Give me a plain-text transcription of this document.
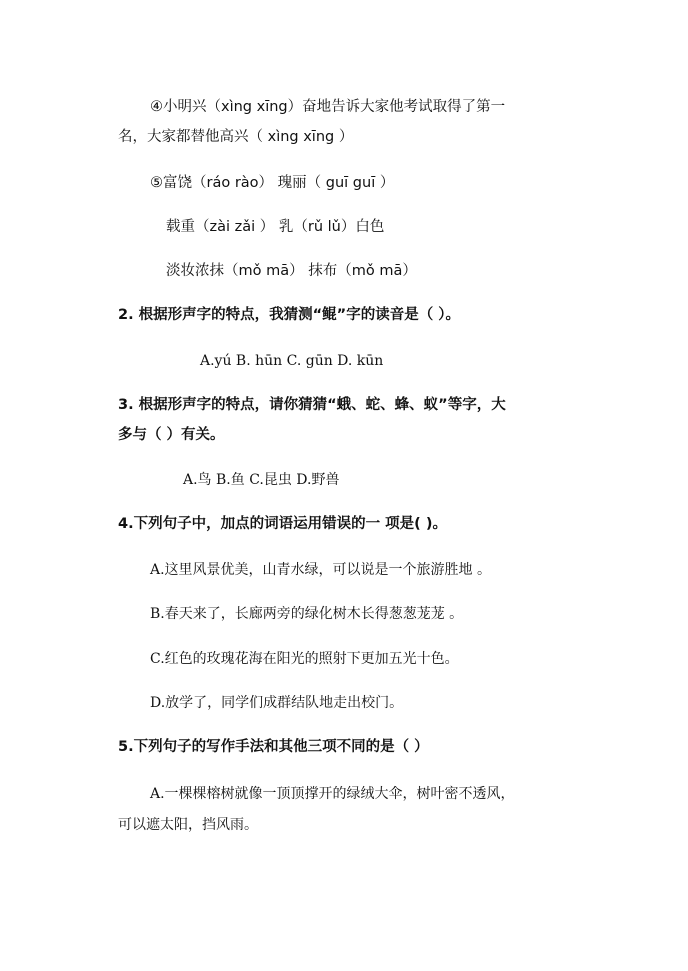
④小明兴（xìng xīng）奋地告诉大家他考试取得了第一
名，大家都替他高兴（ xìng xīng ）
⑤富饶（ráo rào） 瑰丽（ guī guī ）
载重（zài zǎi ） 乳（rǔ lǔ）白色
淡妆浓抹（mǒ mā） 抹布（mǒ mā）
2. 根据形声字的特点，我猜测“鲲”字的读音是（ ）。
A.yú B. hūn C. gūn D. kūn
3. 根据形声字的特点，请你猜猜“蛾、蛇、蜂、蚁”等字，大
多与（ ）有关。
A.鸟 B.鱼 C.昆虫 D.野兽
4.下列句子中，加点的词语运用错误的一 项是( )。
A.这里风景优美，山青水绿，可以说是一个旅游胜地 。
B.春天来了，长廊两旁的绿化树木长得葱葱茏茏 。
C.红色的玫瑰花海在阳光的照射下更加五光十色。
D.放学了，同学们成群结队地走出校门。
5.下列句子的写作手法和其他三项不同的是（ ）
A.一棵棵榕树就像一顶顶撑开的绿绒大伞，树叶密不透风，
可以遮太阳，挡风雨。
